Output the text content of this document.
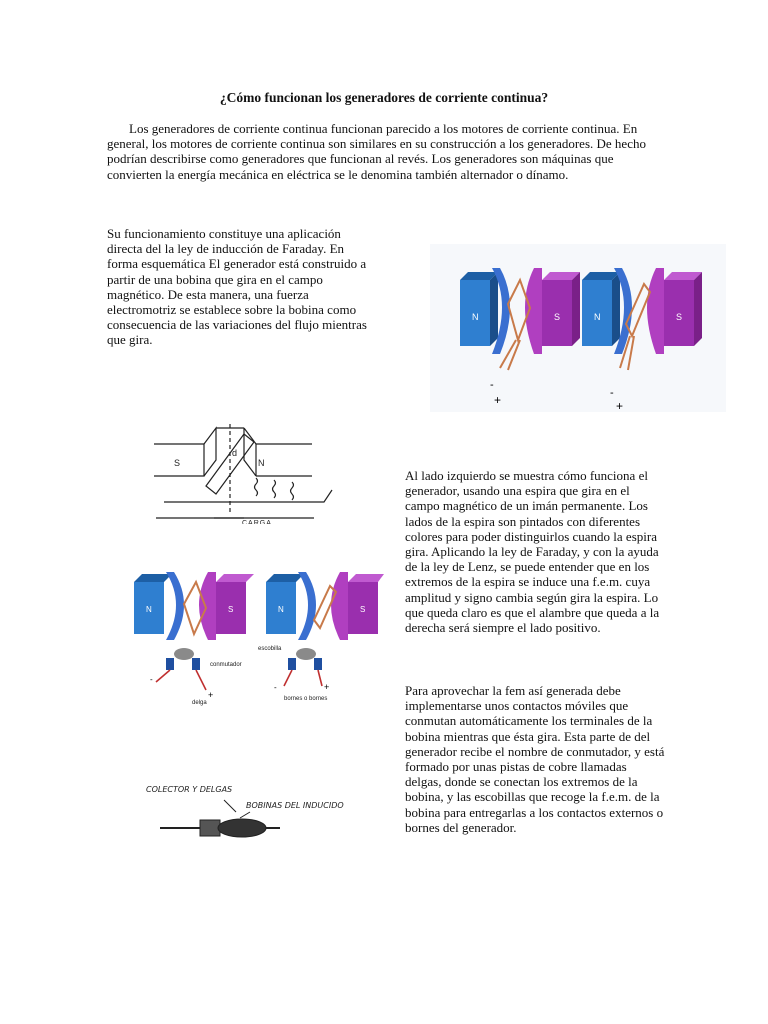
¿Cómo funcionan los generadores de corriente continua?
Los generadores de corriente continua funcionan parecido a los motores de corriente continua. En general, los motores de corriente continua son similares en su construcción a los generadores. De hecho podrían describirse como generadores que funcionan al revés. Los generadores son máquinas que convierten la energía mecánica en eléctrica se le denomina también alternador o dínamo.
Su funcionamiento constituye una aplicación directa del la ley de inducción de Faraday. En forma esquemática El generador está construido a partir de una bobina que gira en el campo magnético. De esta manera, una fuerza electromotriz se establece sobre la bobina como consecuencia de las variaciones del flujo mientras que gira.
Al lado izquierdo se muestra cómo funciona el generador, usando una espira que gira en el campo magnético de un imán permanente. Los lados de la espira son pintados con diferentes colores para poder distinguirlos cuando la espira gira. Aplicando la ley de Faraday, y con la ayuda de la ley de Lenz, se puede entender que en los extremos de la espira se induce una f.e.m. cuya amplitud y signo cambia según gira la espira. Lo que queda claro es que el alambre que queda a la derecha será siempre el lado positivo.
Para aprovechar la fem así generada debe implementarse unos contactos móviles que conmutan automáticamente los terminales de la bobina mientras que ésta gira. Esta parte de del generador recibe el nombre de conmutador, y está formado por unas pistas de cobre llamadas delgas, donde se conectan los extremos de la bobina, y las escobillas que recoge la f.e.m. de la bobina para entregarlas a los contactos externos o bornes del generador.
N	S
-
+
N	S
-
+
S	N
d
CARGA
N	S
conmutador
delga
-
+
N	S
escobilla
bornes o bornes
-	+
COLECTOR Y DELGAS
BOBINAS DEL INDUCIDO
